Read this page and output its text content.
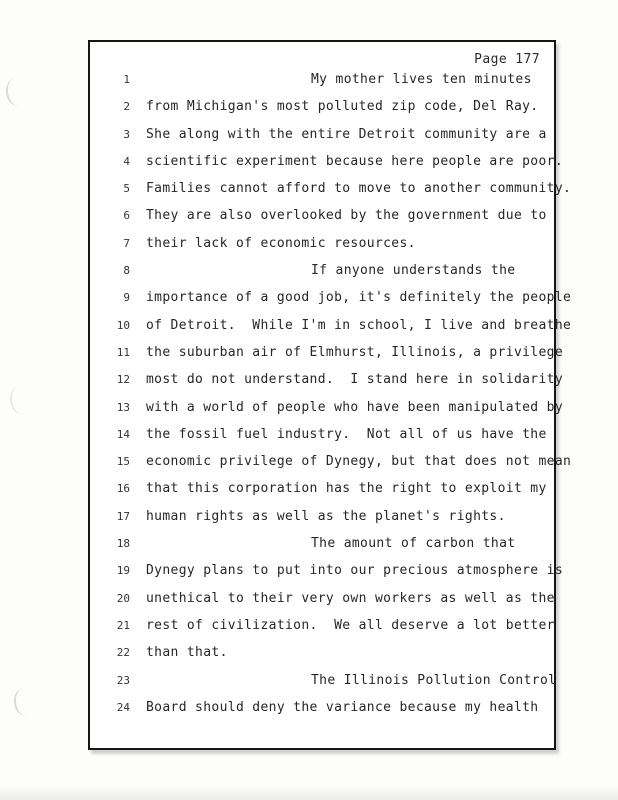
Page 177
1	My mother lives ten minutes
2	from Michigan's most polluted zip code, Del Ray.
3	She along with the entire Detroit community are a
4	scientific experiment because here people are poor.
5	Families cannot afford to move to another community.
6	They are also overlooked by the government due to
7	their lack of economic resources.
8	If anyone understands the
9	importance of a good job, it's definitely the people
10	of Detroit.  While I'm in school, I live and breathe
11	the suburban air of Elmhurst, Illinois, a privilege
12	most do not understand.  I stand here in solidarity
13	with a world of people who have been manipulated by
14	the fossil fuel industry.  Not all of us have the
15	economic privilege of Dynegy, but that does not mean
16	that this corporation has the right to exploit my
17	human rights as well as the planet's rights.
18	The amount of carbon that
19	Dynegy plans to put into our precious atmosphere is
20	unethical to their very own workers as well as the
21	rest of civilization.  We all deserve a lot better
22	than that.
23	The Illinois Pollution Control
24	Board should deny the variance because my health
